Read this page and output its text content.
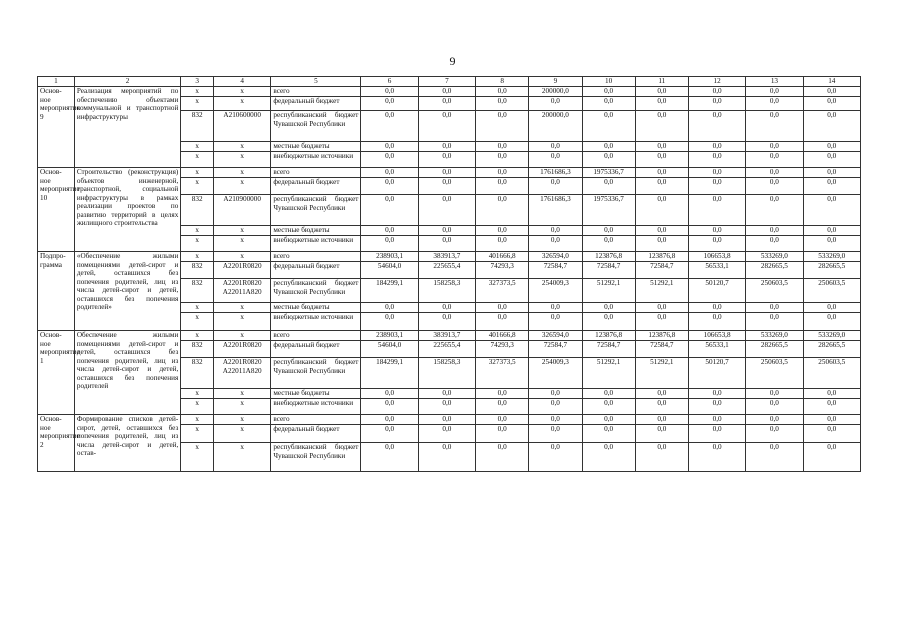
9
1	2	3	4	5	6	7	8	9	10	11	12	13	14
Основ-ное мероприятие 9	Реализация мероприятий по обеспечению объектами коммунальной и транспортной инфраструктуры	x	x	всего	0,0	0,0	0,0	200000,0	0,0	0,0	0,0	0,0	0,0
		x	x	федеральный бюджет	0,0	0,0	0,0	0,0	0,0	0,0	0,0	0,0	0,0
		832	A210600000	республиканский бюджет Чувашской Республики	0,0	0,0	0,0	200000,0	0,0	0,0	0,0	0,0	0,0
		x	x	местные бюджеты	0,0	0,0	0,0	0,0	0,0	0,0	0,0	0,0	0,0
		x	x	внебюджетные источники	0,0	0,0	0,0	0,0	0,0	0,0	0,0	0,0	0,0
Основ-ное мероприятие 10	Строительство (реконструкция) объектов инженерной, транспортной, социальной инфраструктуры в рамках реализации проектов по развитию территорий в целях жилищного строительства	x	x	всего	0,0	0,0	0,0	1761686,3	1975336,7	0,0	0,0	0,0	0,0
		x	x	федеральный бюджет	0,0	0,0	0,0	0,0	0,0	0,0	0,0	0,0	0,0
		832	A210900000	республиканский бюджет Чувашской Республики	0,0	0,0	0,0	1761686,3	1975336,7	0,0	0,0	0,0	0,0
		x	x	местные бюджеты	0,0	0,0	0,0	0,0	0,0	0,0	0,0	0,0	0,0
		x	x	внебюджетные источники	0,0	0,0	0,0	0,0	0,0	0,0	0,0	0,0	0,0
Подпро-грамма	«Обеспечение жилыми помещениями детей-сирот и детей, оставшихся без попечения родителей, лиц из числа детей-сирот и детей, оставшихся без попечения родителей»	x	x	всего	238903,1	383913,7	401666,8	326594,0	123876,8	123876,8	106653,8	533269,0	533269,0
		832	A2201R0820	федеральный бюджет	54604,0	225655,4	74293,3	72584,7	72584,7	72584,7	56533,1	282665,5	282665,5
		832	A2201R0820 A22011A820	республиканский бюджет Чувашской Республики	184299,1	158258,3	327373,5	254009,3	51292,1	51292,1	50120,7	250603,5	250603,5
		x	x	местные бюджеты	0,0	0,0	0,0	0,0	0,0	0,0	0,0	0,0	0,0
		x	x	внебюджетные источники	0,0	0,0	0,0	0,0	0,0	0,0	0,0	0,0	0,0
Основ-ное мероприятие 1	Обеспечение жилыми помещениями детей-сирот и детей, оставшихся без попечения родителей, лиц из числа детей-сирот и детей, оставшихся без попечения родителей	x	x	всего	238903,1	383913,7	401666,8	326594,0	123876,8	123876,8	106653,8	533269,0	533269,0
		832	A2201R0820	федеральный бюджет	54604,0	225655,4	74293,3	72584,7	72584,7	72584,7	56533,1	282665,5	282665,5
		832	A2201R0820 A22011A820	республиканский бюджет Чувашской Республики	184299,1	158258,3	327373,5	254009,3	51292,1	51292,1	50120,7	250603,5	250603,5
		x	x	местные бюджеты	0,0	0,0	0,0	0,0	0,0	0,0	0,0	0,0	0,0
		x	x	внебюджетные источники	0,0	0,0	0,0	0,0	0,0	0,0	0,0	0,0	0,0
Основ-ное мероприятие 2	Формирование списков детей-сирот, детей, оставшихся без попечения родителей, лиц из числа детей-сирот и детей, остав-	x	x	всего	0,0	0,0	0,0	0,0	0,0	0,0	0,0	0,0	0,0
		x	x	федеральный бюджет	0,0	0,0	0,0	0,0	0,0	0,0	0,0	0,0	0,0
		x	x	республиканский бюджет Чувашской Республики	0,0	0,0	0,0	0,0	0,0	0,0	0,0	0,0	0,0
